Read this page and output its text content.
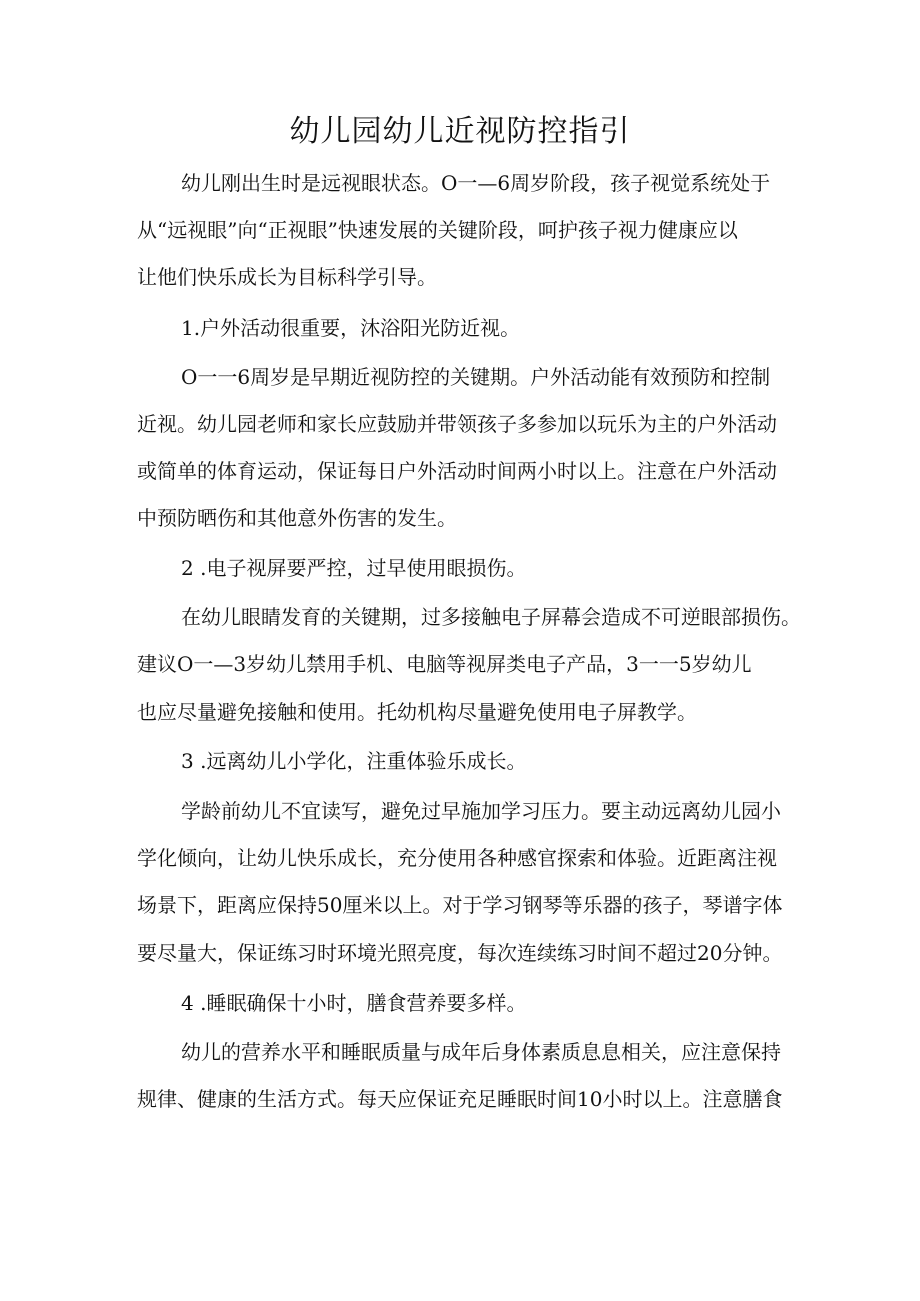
幼儿园幼儿近视防控指引
幼儿刚出生时是远视眼状态。O一—6周岁阶段，孩子视觉系统处于
从“远视眼”向“正视眼”快速发展的关键阶段，呵护孩子视力健康应以
让他们快乐成长为目标科学引导。
1.户外活动很重要，沐浴阳光防近视。
O一一6周岁是早期近视防控的关键期。户外活动能有效预防和控制
近视。幼儿园老师和家长应鼓励并带领孩子多参加以玩乐为主的户外活动
或简单的体育运动，保证每日户外活动时间两小时以上。注意在户外活动
中预防晒伤和其他意外伤害的发生。
2 .电子视屏要严控，过早使用眼损伤。
在幼儿眼睛发育的关键期，过多接触电子屏幕会造成不可逆眼部损伤。
建议O一—3岁幼儿禁用手机、电脑等视屏类电子产品，3一一5岁幼儿
也应尽量避免接触和使用。托幼机构尽量避免使用电子屏教学。
3 .远离幼儿小学化，注重体验乐成长。
学龄前幼儿不宜读写，避免过早施加学习压力。要主动远离幼儿园小
学化倾向，让幼儿快乐成长，充分使用各种感官探索和体验。近距离注视
场景下，距离应保持50厘米以上。对于学习钢琴等乐器的孩子，琴谱字体
要尽量大，保证练习时环境光照亮度，每次连续练习时间不超过20分钟。
4 .睡眠确保十小时，膳食营养要多样。
幼儿的营养水平和睡眠质量与成年后身体素质息息相关，应注意保持
规律、健康的生活方式。每天应保证充足睡眠时间10小时以上。注意膳食
